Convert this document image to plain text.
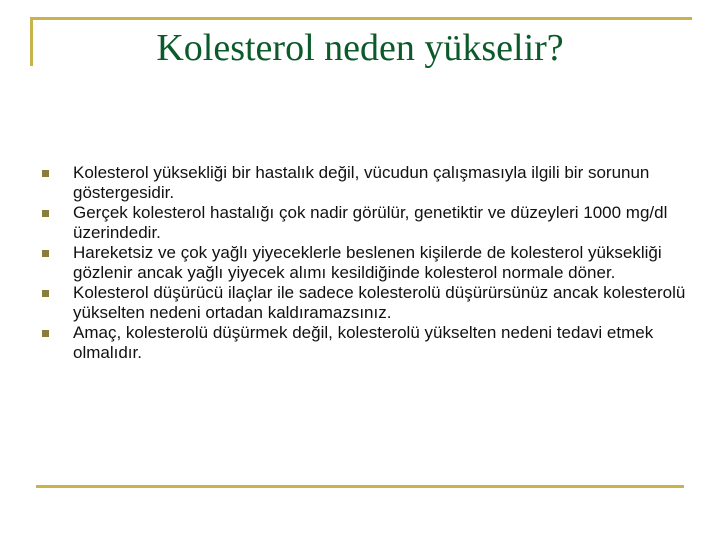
Kolesterol neden yükselir?
Kolesterol yüksekliği bir hastalık değil, vücudun çalışmasıyla ilgili bir sorunun göstergesidir.
Gerçek kolesterol hastalığı çok nadir görülür, genetiktir ve düzeyleri 1000 mg/dl üzerindedir.
Hareketsiz ve çok yağlı yiyeceklerle beslenen kişilerde de kolesterol yüksekliği gözlenir ancak yağlı yiyecek alımı kesildiğinde kolesterol normale döner.
Kolesterol düşürücü ilaçlar ile sadece kolesterolü düşürürsünüz ancak kolesterolü yükselten nedeni ortadan kaldıramazsınız.
Amaç, kolesterolü düşürmek değil, kolesterolü yükselten nedeni tedavi etmek olmalıdır.
